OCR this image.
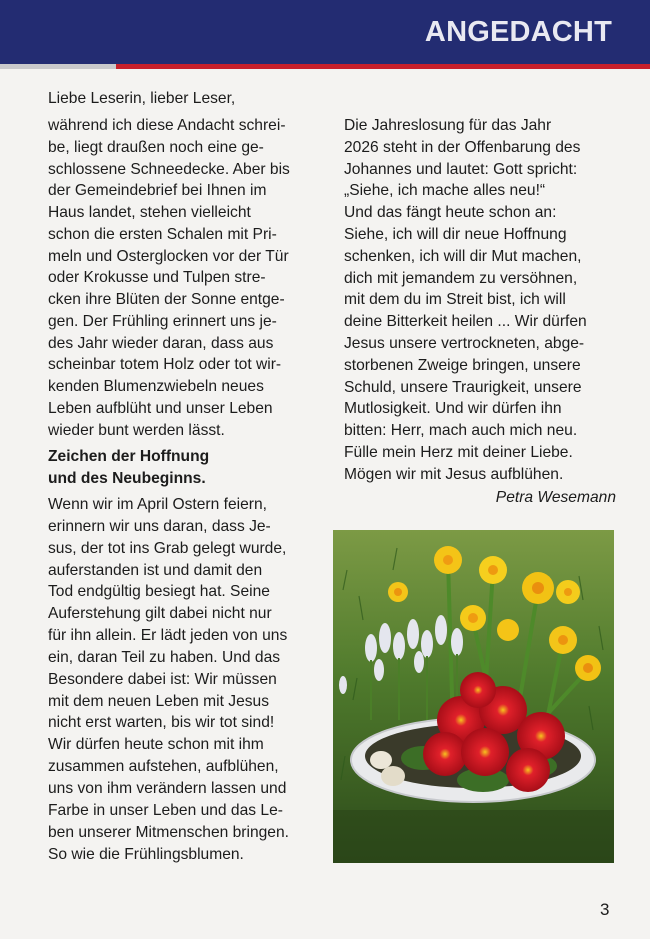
ANGEDACHT
Liebe Leserin, lieber Leser,
während ich diese Andacht schrei-
be, liegt draußen noch eine ge-
schlossene Schneedecke. Aber bis
der Gemeindebrief bei Ihnen im
Haus landet, stehen vielleicht
schon die ersten Schalen mit Pri-
meln und Osterglocken vor der Tür
oder Krokusse und Tulpen stre-
cken ihre Blüten der Sonne entge-
gen. Der Frühling erinnert uns je-
des Jahr wieder daran, dass aus
scheinbar totem Holz oder tot wir-
kenden Blumenzwiebeln neues
Leben aufblüht und unser Leben
wieder bunt werden lässt.
Zeichen der Hoffnung
und des Neubeginns.
Wenn wir im April Ostern feiern,
erinnern wir uns daran, dass Je-
sus, der tot ins Grab gelegt wurde,
auferstanden ist und damit den
Tod endgültig besiegt hat. Seine
Auferstehung gilt dabei nicht nur
für ihn allein. Er lädt jeden von uns
ein, daran Teil zu haben. Und das
Besondere dabei ist: Wir müssen
mit dem neuen Leben mit Jesus
nicht erst warten, bis wir tot sind!
Wir dürfen heute schon mit ihm
zusammen aufstehen, aufblühen,
uns von ihm verändern lassen und
Farbe in unser Leben und das Le-
ben unserer Mitmenschen bringen.
So wie die Frühlingsblumen.
Die Jahreslosung für das Jahr
2026 steht in der Offenbarung des
Johannes und lautet: Gott spricht:
„Siehe, ich mache alles neu!“
Und das fängt heute schon an:
Siehe, ich will dir neue Hoffnung
schenken, ich will dir Mut machen,
dich mit jemandem zu versöhnen,
mit dem du im Streit bist, ich will
deine Bitterkeit heilen ... Wir dürfen
Jesus unsere vertrockneten, abge-
storbenen Zweige bringen, unsere
Schuld, unsere Traurigkeit, unsere
Mutlosigkeit. Und wir dürfen ihn
bitten: Herr, mach auch mich neu.
Fülle mein Herz mit deiner Liebe.
Mögen wir mit Jesus aufblühen.
Petra Wesemann
3
